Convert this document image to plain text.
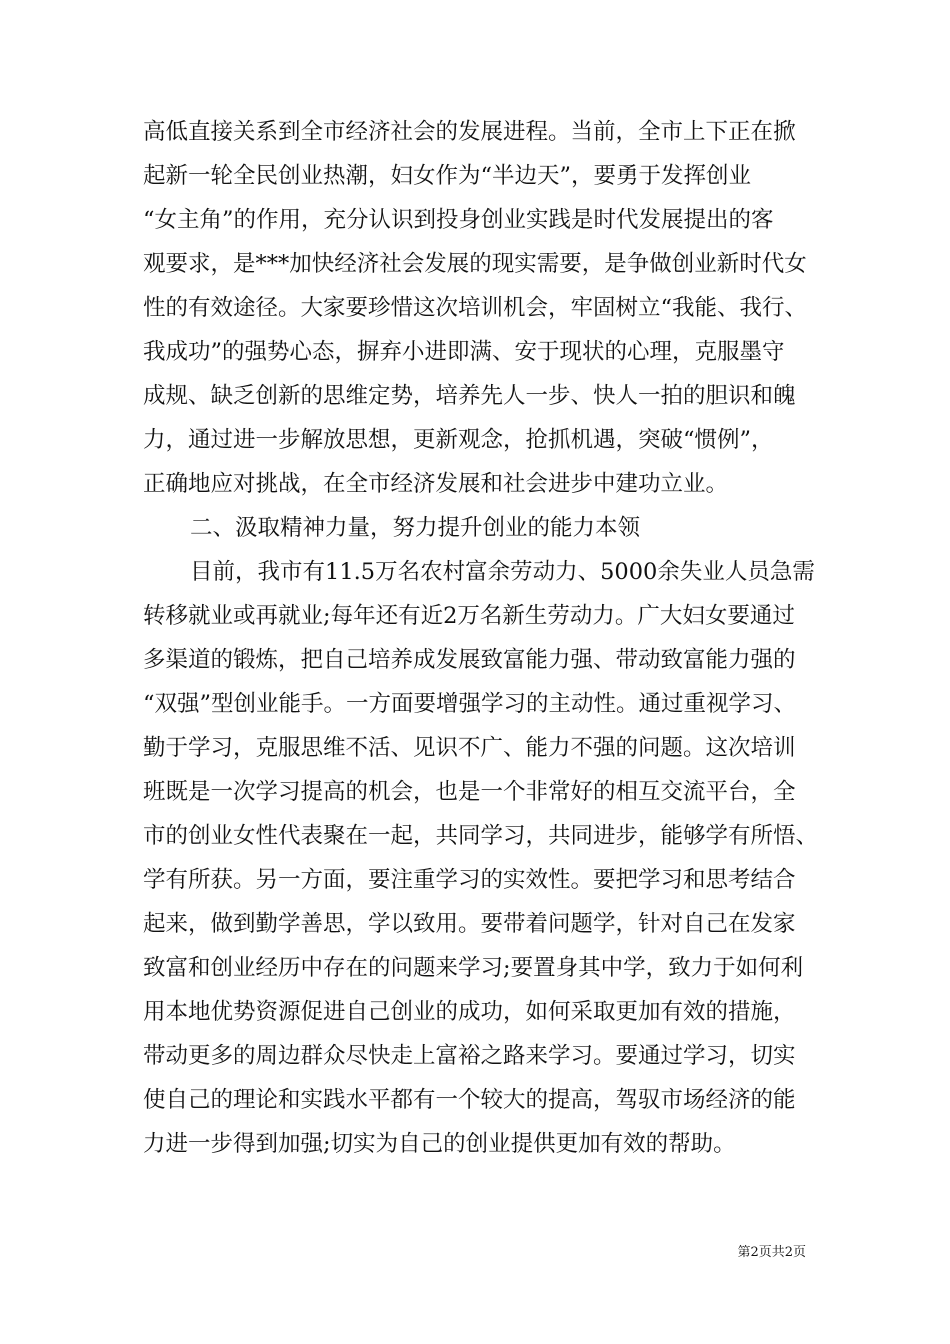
高低直接关系到全市经济社会的发展进程。当前，全市上下正在掀
起新一轮全民创业热潮，妇女作为“半边天”，要勇于发挥创业
“女主角”的作用，充分认识到投身创业实践是时代发展提出的客
观要求，是***加快经济社会发展的现实需要，是争做创业新时代女
性的有效途径。大家要珍惜这次培训机会，牢固树立“我能、我行、
我成功”的强势心态，摒弃小进即满、安于现状的心理，克服墨守
成规、缺乏创新的思维定势，培养先人一步、快人一拍的胆识和魄
力，通过进一步解放思想，更新观念，抢抓机遇，突破“惯例”，
正确地应对挑战，在全市经济发展和社会进步中建功立业。
二、汲取精神力量，努力提升创业的能力本领
目前，我市有11.5万名农村富余劳动力、5000余失业人员急需
转移就业或再就业;每年还有近2万名新生劳动力。广大妇女要通过
多渠道的锻炼，把自己培养成发展致富能力强、带动致富能力强的
“双强”型创业能手。一方面要增强学习的主动性。通过重视学习、
勤于学习，克服思维不活、见识不广、能力不强的问题。这次培训
班既是一次学习提高的机会，也是一个非常好的相互交流平台，全
市的创业女性代表聚在一起，共同学习，共同进步，能够学有所悟、
学有所获。另一方面，要注重学习的实效性。要把学习和思考结合
起来，做到勤学善思，学以致用。要带着问题学，针对自己在发家
致富和创业经历中存在的问题来学习;要置身其中学，致力于如何利
用本地优势资源促进自己创业的成功，如何采取更加有效的措施，
带动更多的周边群众尽快走上富裕之路来学习。要通过学习，切实
使自己的理论和实践水平都有一个较大的提高，驾驭市场经济的能
力进一步得到加强;切实为自己的创业提供更加有效的帮助。
第2页共2页
